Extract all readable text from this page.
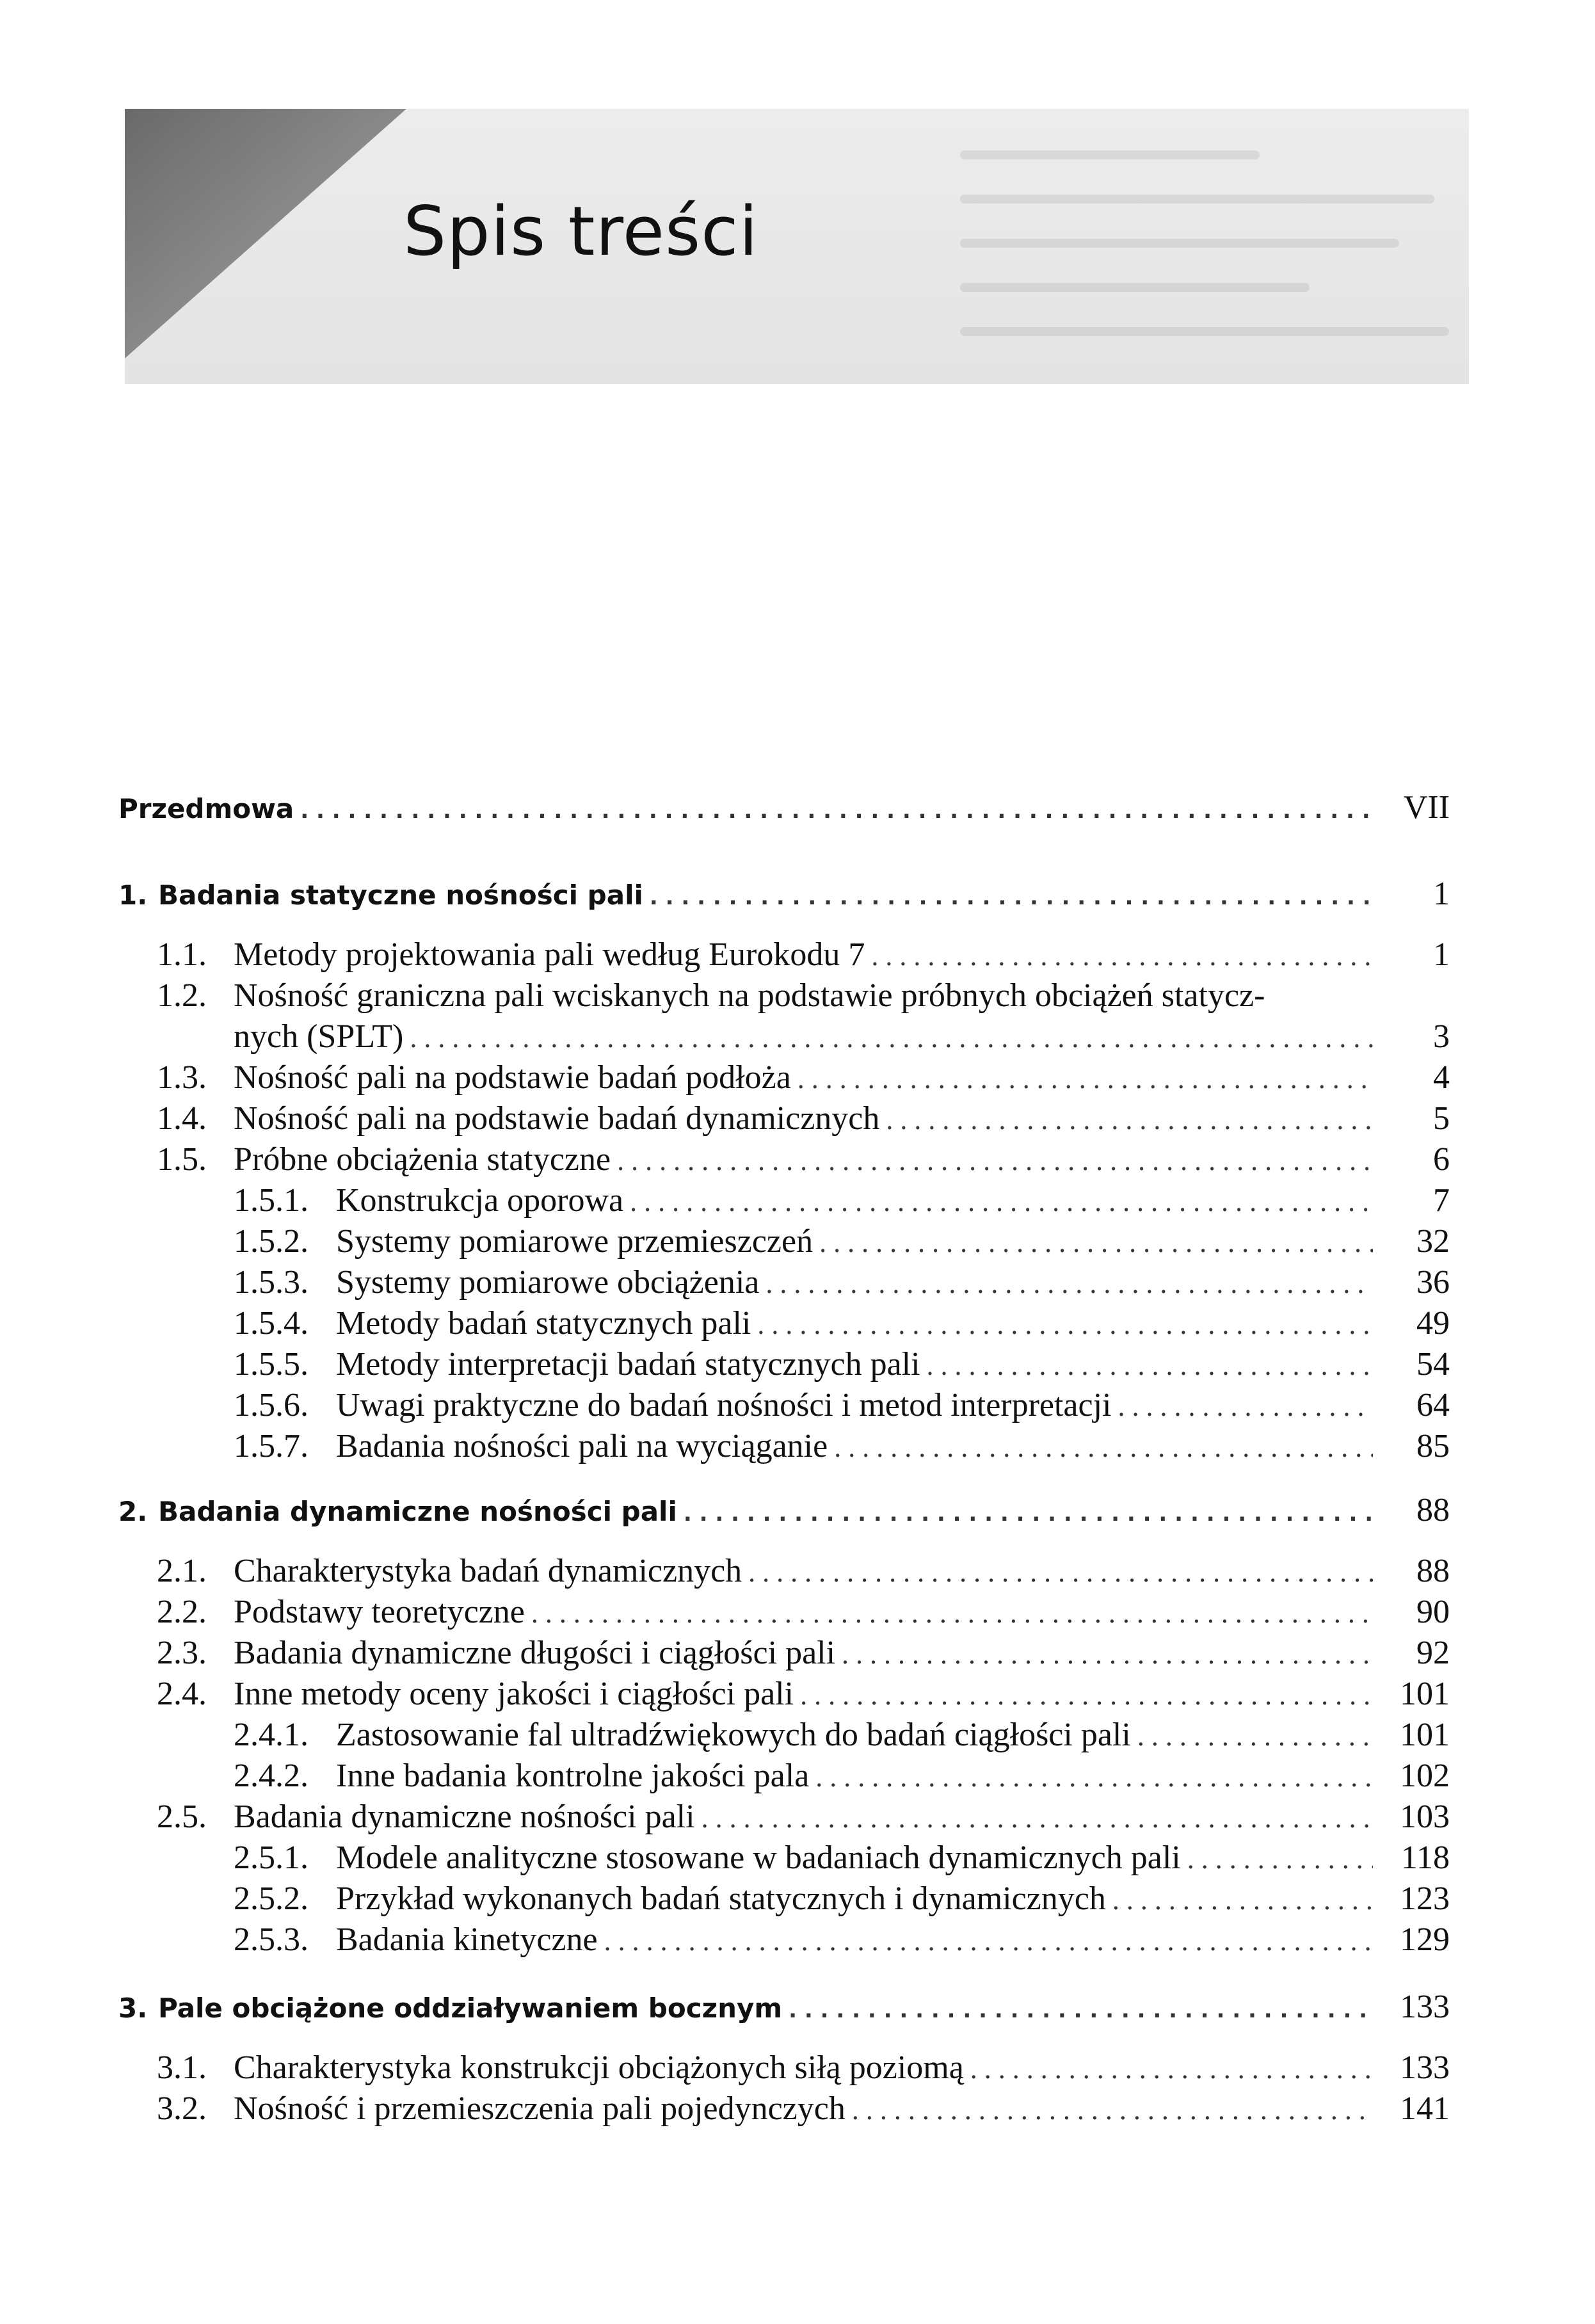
Spis treści
Przedmowa . . .	VII
1. Badania statyczne nośności pali . . .	1
1.1. Metody projektowania pali według Eurokodu 7 . . .	1
1.2. Nośność graniczna pali wciskanych na podstawie próbnych obciążeń statycz-
nych (SPLT) . . .	3
1.3. Nośność pali na podstawie badań podłoża . . .	4
1.4. Nośność pali na podstawie badań dynamicznych . . .	5
1.5. Próbne obciążenia statyczne . . .	6
1.5.1. Konstrukcja oporowa . . .	7
1.5.2. Systemy pomiarowe przemieszczeń . . .	32
1.5.3. Systemy pomiarowe obciążenia . . .	36
1.5.4. Metody badań statycznych pali . . .	49
1.5.5. Metody interpretacji badań statycznych pali . . .	54
1.5.6. Uwagi praktyczne do badań nośności i metod interpretacji . . .	64
1.5.7. Badania nośności pali na wyciąganie . . .	85
2. Badania dynamiczne nośności pali . . .	88
2.1. Charakterystyka badań dynamicznych . . .	88
2.2. Podstawy teoretyczne . . .	90
2.3. Badania dynamiczne długości i ciągłości pali . . .	92
2.4. Inne metody oceny jakości i ciągłości pali . . .	101
2.4.1. Zastosowanie fal ultradźwiękowych do badań ciągłości pali . . .	101
2.4.2. Inne badania kontrolne jakości pala . . .	102
2.5. Badania dynamiczne nośności pali . . .	103
2.5.1. Modele analityczne stosowane w badaniach dynamicznych pali . . .	118
2.5.2. Przykład wykonanych badań statycznych i dynamicznych . . .	123
2.5.3. Badania kinetyczne . . .	129
3. Pale obciążone oddziaływaniem bocznym . . .	133
3.1. Charakterystyka konstrukcji obciążonych siłą poziomą . . .	133
3.2. Nośność i przemieszczenia pali pojedynczych . . .	141
